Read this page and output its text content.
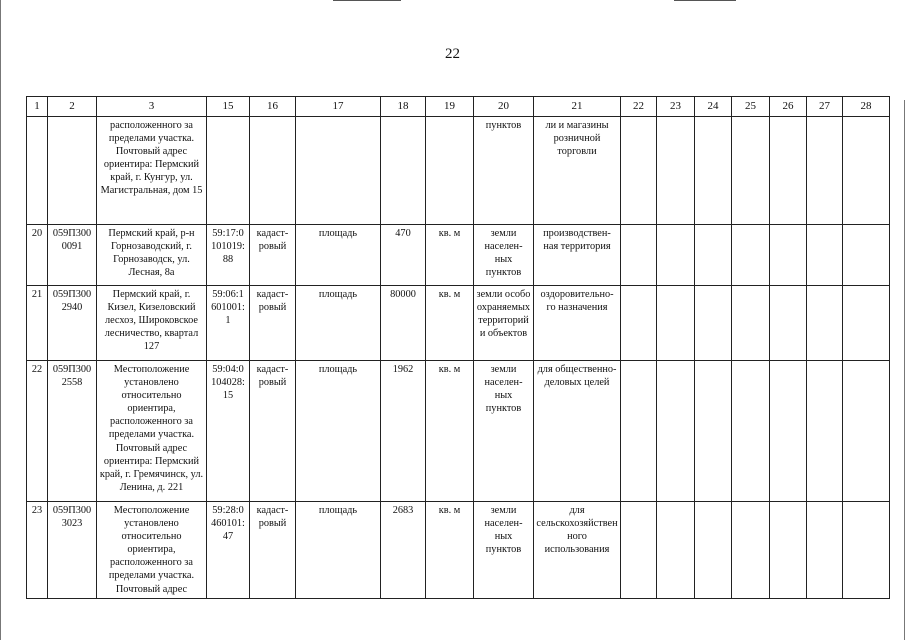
22
1	2	3	15	16	17	18	19	20	21	22	23	24	25	26	27	28
		расположенного за пределами участка. Почтовый адрес ориентира: Пермский край, г. Кунгур, ул. Магистральная, дом 15						пунктов	ли и магазины розничной торговли							
20	059П300 0091	Пермский край, р-н Горнозаводский, г. Горнозаводск, ул. Лесная, 8а	59:17:0 101019: 88	кадаст- ровый	площадь	470	кв. м	земли населен- ных пунктов	производствен- ная территория							
21	059П300 2940	Пермский край, г. Кизел, Кизеловский лесхоз, Широковское лесничество, квартал 127	59:06:1 601001: 1	кадаст- ровый	площадь	80000	кв. м	земли особо охраняемых территорий и объектов	оздоровительно- го назначения							
22	059П300 2558	Местоположение установлено относительно ориентира, расположенного за пределами участка. Почтовый адрес ориентира: Пермский край, г. Гремячинск, ул. Ленина, д. 221	59:04:0 104028: 15	кадаст- ровый	площадь	1962	кв. м	земли населен- ных пунктов	для общественно-деловых целей							
23	059П300 3023	Местоположение установлено относительно ориентира, расположенного за пределами участка. Почтовый адрес	59:28:0 460101: 47	кадаст- ровый	площадь	2683	кв. м	земли населен- ных пунктов	для сельскохозяйственного использования							
